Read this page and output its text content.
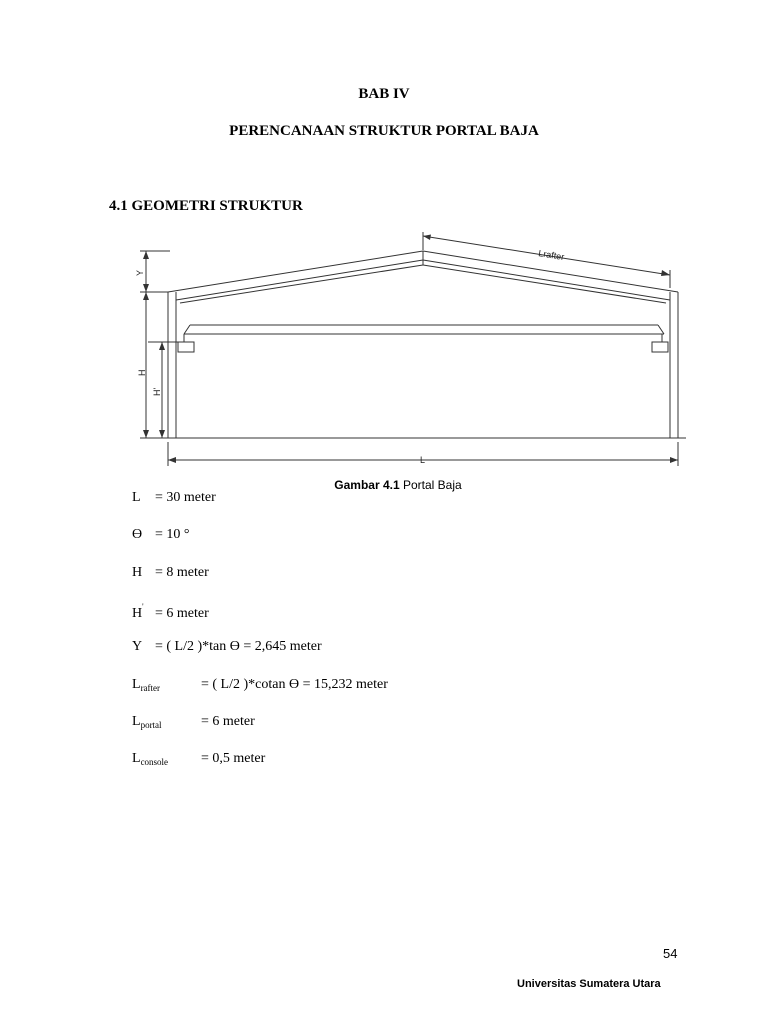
BAB IV
PERENCANAAN STRUKTUR PORTAL BAJA
4.1 GEOMETRI STRUKTUR
Lrafter
L
Y
H
H'
Gambar 4.1 Portal Baja
L = 30 meter
Ө = 10 °
H = 8 meter
H' = 6 meter
Y = ( L/2 )*tan Ө = 2,645 meter
$L_{rafter}$	= ( L/2 )*cotan Ө = 15,232 meter
$L_{portal}$	= 6 meter
$L_{console} = 0,5$ meter
54
Universitas Sumatera Utara
